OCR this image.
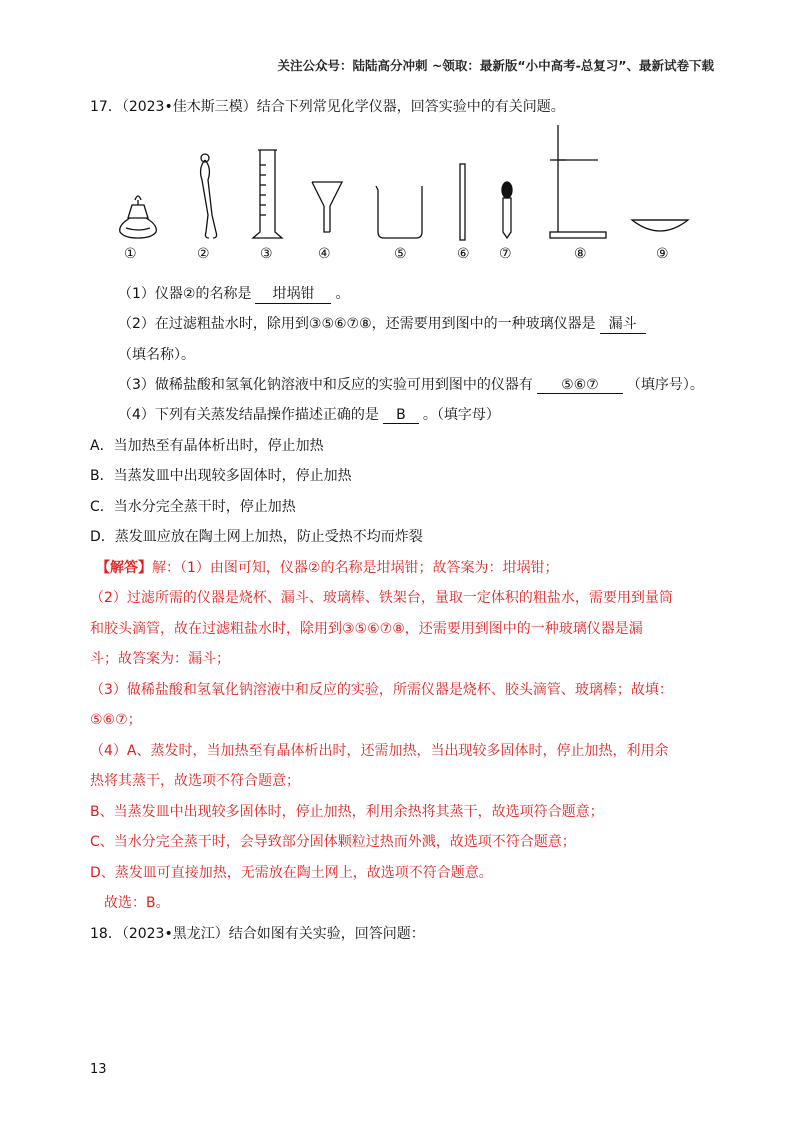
关注公众号：陆陆高分冲刺 ~领取：最新版“小中高考-总复习”、最新试卷下载
17．（2023•佳木斯三模）结合下列常见化学仪器，回答实验中的有关问题。
①	②	③	④	⑤	⑥ ⑦	⑧	⑨
（1）仪器②的名称是 坩埚钳 。
（2）在过滤粗盐水时，除用到③⑤⑥⑦⑧，还需要用到图中的一种玻璃仪器是 漏斗
（填名称）。
（3）做稀盐酸和氢氧化钠溶液中和反应的实验可用到图中的仪器有 ⑤⑥⑦ （填序号）。
（4）下列有关蒸发结晶操作描述正确的是 B 。（填字母）
A．当加热至有晶体析出时，停止加热
B．当蒸发皿中出现较多固体时，停止加热
C．当水分完全蒸干时，停止加热
D．蒸发皿应放在陶土网上加热，防止受热不均而炸裂
【解答】解：（1）由图可知，仪器②的名称是坩埚钳；故答案为：坩埚钳；
（2）过滤所需的仪器是烧杯、漏斗、玻璃棒、铁架台，量取一定体积的粗盐水，需要用到量筒
和胶头滴管，故在过滤粗盐水时，除用到③⑤⑥⑦⑧，还需要用到图中的一种玻璃仪器是漏
斗；故答案为：漏斗；
（3）做稀盐酸和氢氧化钠溶液中和反应的实验，所需仪器是烧杯、胶头滴管、玻璃棒；故填：
⑤⑥⑦；
（4）A、蒸发时，当加热至有晶体析出时，还需加热，当出现较多固体时，停止加热，利用余
热将其蒸干，故选项不符合题意；
B、当蒸发皿中出现较多固体时，停止加热，利用余热将其蒸干，故选项符合题意；
C、当水分完全蒸干时，会导致部分固体颗粒过热而外溅，故选项不符合题意；
D、蒸发皿可直接加热，无需放在陶土网上，故选项不符合题意。
故选：B。
18．（2023•黑龙江）结合如图有关实验，回答问题：
13
